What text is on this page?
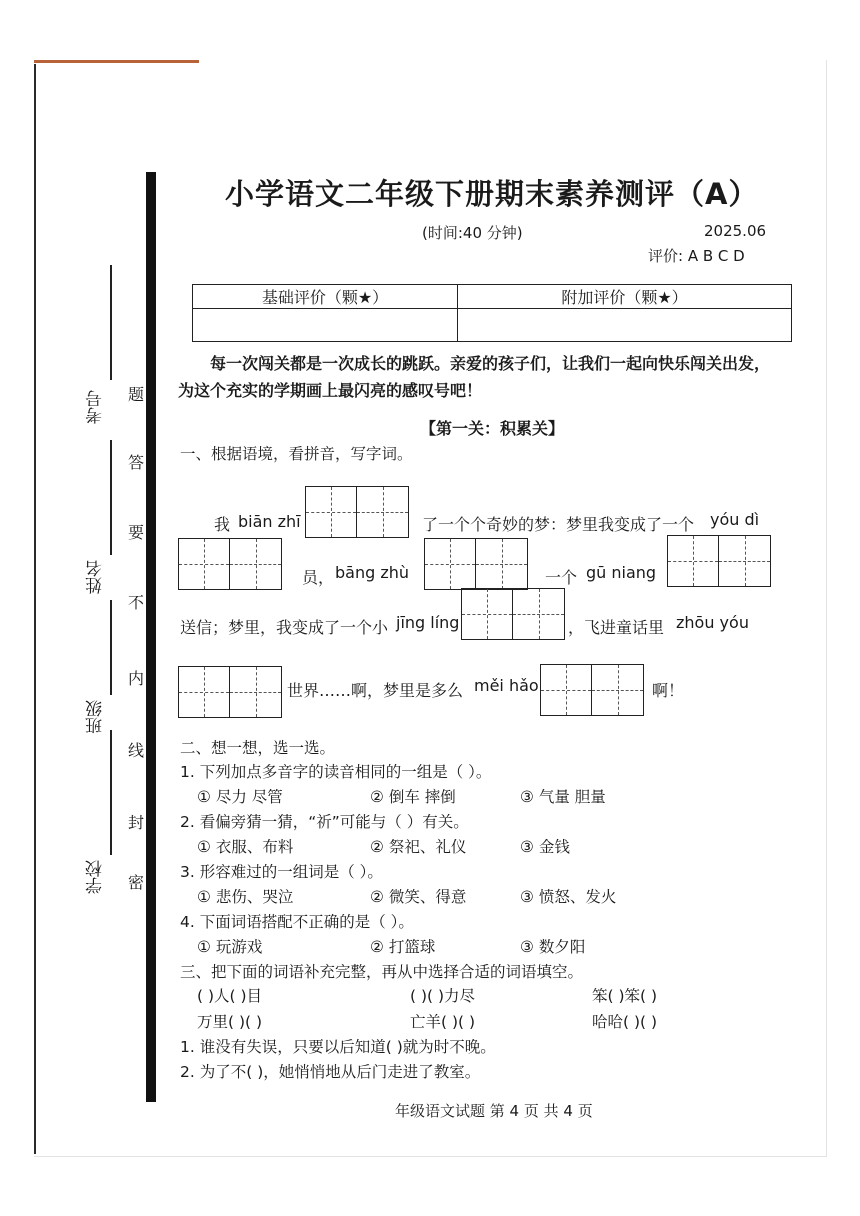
考号
姓名
班级
学校
题
答
要
不
内
线
封
密
小学语文二年级下册期末素养测评（A）
(时间:40 分钟)	2025.06
评价: A B C D
基础评价（颗★）	附加评价（颗★）
每一次闯关都是一次成长的跳跃。亲爱的孩子们，让我们一起向快乐闯关出发，为这个充实的学期画上最闪亮的感叹号吧！
【第一关：积累关】
一、根据语境，看拼音，写字词。
我 biān zhī	了一个个奇妙的梦：梦里我变成了一个 yóu dì
员， bāng zhù	一个 gū niang
送信；梦里，我变成了一个小 jīng líng	，飞进童话里 zhōu yóu
世界……啊，梦里是多么 měi hǎo	啊！
二、想一想，选一选。
1. 下列加点多音字的读音相同的一组是（ ）。
① 尽力 尽管	② 倒车 摔倒	③ 气量 胆量
2. 看偏旁猜一猜，“祈”可能与（ ）有关。
① 衣服、布料	② 祭祀、礼仪	③ 金钱
3. 形容难过的一组词是（ ）。
① 悲伤、哭泣	② 微笑、得意	③ 愤怒、发火
4. 下面词语搭配不正确的是（ ）。
① 玩游戏	② 打篮球	③ 数夕阳
三、把下面的词语补充完整，再从中选择合适的词语填空。
( )人( )目	( )( )力尽	笨( )笨( )
万里( )( )	亡羊( )( )	哈哈( )( )
1. 谁没有失误，只要以后知道( )就为时不晚。
2. 为了不( )，她悄悄地从后门走进了教室。
年级语文试题 第 4 页 共 4 页
